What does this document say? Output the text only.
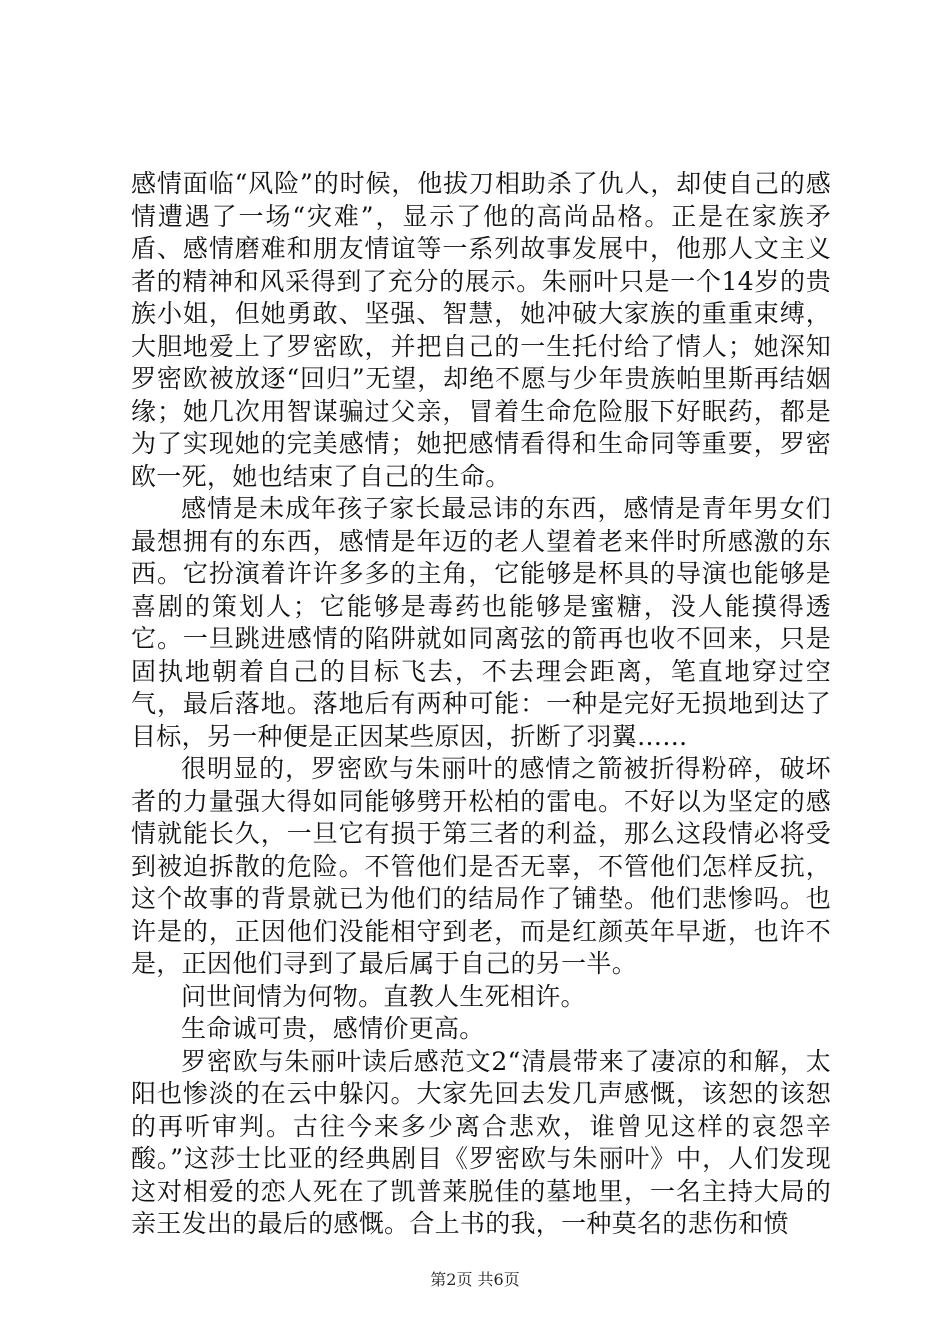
感情面临“风险”的时候，他拔刀相助杀了仇人，却使自己的感情遭遇了一场“灾难”，显示了他的高尚品格。正是在家族矛盾、感情磨难和朋友情谊等一系列故事发展中，他那人文主义者的精神和风采得到了充分的展示。朱丽叶只是一个14岁的贵族小姐，但她勇敢、坚强、智慧，她冲破大家族的重重束缚，大胆地爱上了罗密欧，并把自己的一生托付给了情人；她深知罗密欧被放逐“回归”无望，却绝不愿与少年贵族帕里斯再结姻缘；她几次用智谋骗过父亲，冒着生命危险服下好眠药，都是为了实现她的完美感情；她把感情看得和生命同等重要，罗密欧一死，她也结束了自己的生命。

感情是未成年孩子家长最忌讳的东西，感情是青年男女们最想拥有的东西，感情是年迈的老人望着老来伴时所感激的东西。它扮演着许许多多的主角，它能够是杯具的导演也能够是喜剧的策划人；它能够是毒药也能够是蜜糖，没人能摸得透它。一旦跳进感情的陷阱就如同离弦的箭再也收不回来，只是固执地朝着自己的目标飞去，不去理会距离，笔直地穿过空气，最后落地。落地后有两种可能：一种是完好无损地到达了目标，另一种便是正因某些原因，折断了羽翼……

很明显的，罗密欧与朱丽叶的感情之箭被折得粉碎，破坏者的力量强大得如同能够劈开松柏的雷电。不好以为坚定的感情就能长久，一旦它有损于第三者的利益，那么这段情必将受到被迫拆散的危险。不管他们是否无辜，不管他们怎样反抗，这个故事的背景就已为他们的结局作了铺垫。他们悲惨吗。也许是的，正因他们没能相守到老，而是红颜英年早逝，也许不是，正因他们寻到了最后属于自己的另一半。

问世间情为何物。直教人生死相许。

生命诚可贵，感情价更高。

罗密欧与朱丽叶读后感范文2“清晨带来了凄凉的和解，太阳也惨淡的在云中躲闪。大家先回去发几声感慨，该恕的该恕的再听审判。古往今来多少离合悲欢，谁曾见这样的哀怨辛酸。”这莎士比亚的经典剧目《罗密欧与朱丽叶》中，人们发现这对相爱的恋人死在了凯普莱脱佳的墓地里，一名主持大局的亲王发出的最后的感慨。合上书的我，一种莫名的悲伤和愤

第2页 共6页
